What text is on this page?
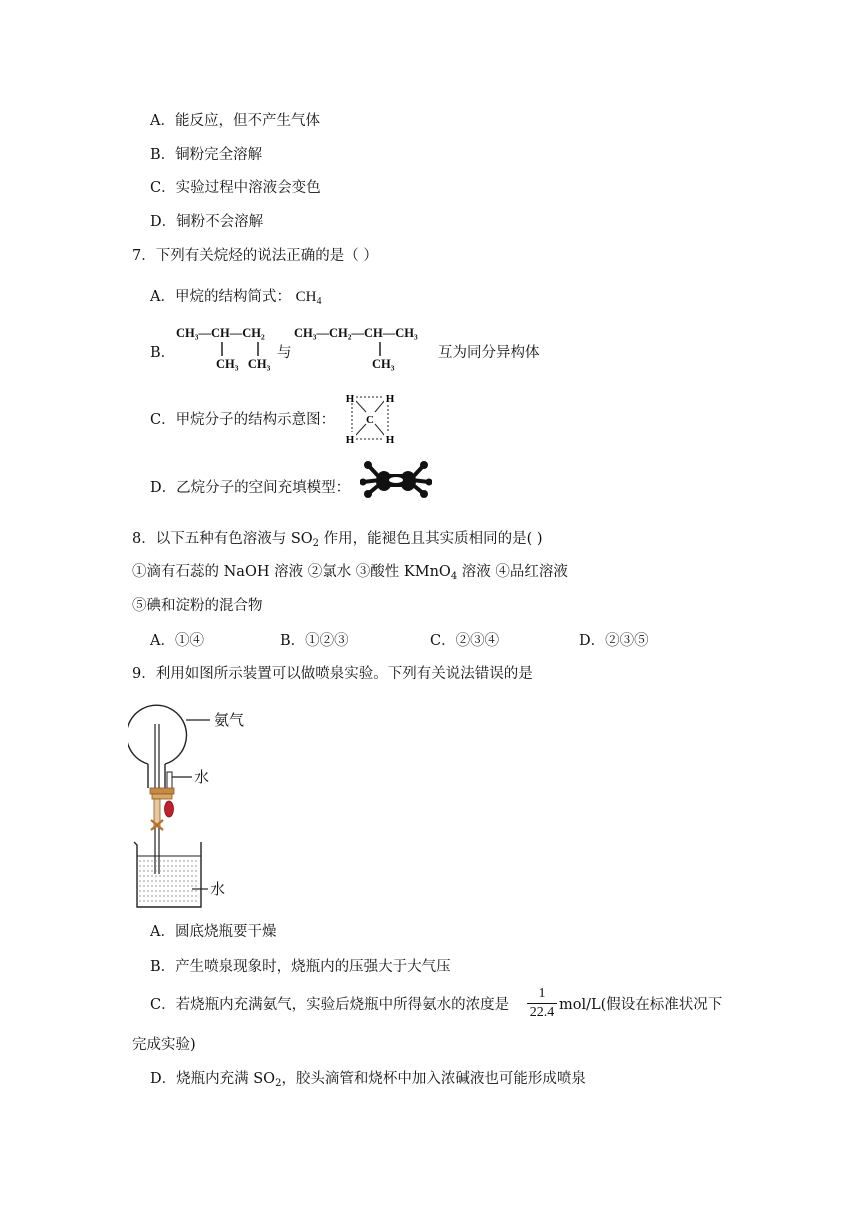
A．能反应，但不产生气体
B．铜粉完全溶解
C．实验过程中溶液会变色
D．铜粉不会溶解
7．下列有关烷烃的说法正确的是（ ）
A．甲烷的结构简式： $CH_4$
B．
CH₃—CH—CH₂
CH₃   CH₃
与
CH₃—CH₂—CH—CH₃
CH₃
互为同分异构体
C．甲烷分子的结构示意图：
H	H
C
H	H
D．乙烷分子的空间充填模型：
8．以下五种有色溶液与 $SO_2$ 作用，能褪色且其实质相同的是( )
①滴有石蕊的 NaOH 溶液 ②氯水 ③酸性 KMnO$_4$ 溶液 ④品红溶液
⑤碘和淀粉的混合物
A．①④	B．①②③	C．②③④	D．②③⑤
9．利用如图所示装置可以做喷泉实验。下列有关说法错误的是
氨气
水
水
A．圆底烧瓶要干燥
B．产生喷泉现象时，烧瓶内的压强大于大气压
C．若烧瓶内充满氨气，实验后烧瓶中所得氨水的浓度是
1
22.4 mol/L(假设在标准状况下
完成实验)
D．烧瓶内充满 $SO_2$，胶头滴管和烧杯中加入浓碱液也可能形成喷泉
